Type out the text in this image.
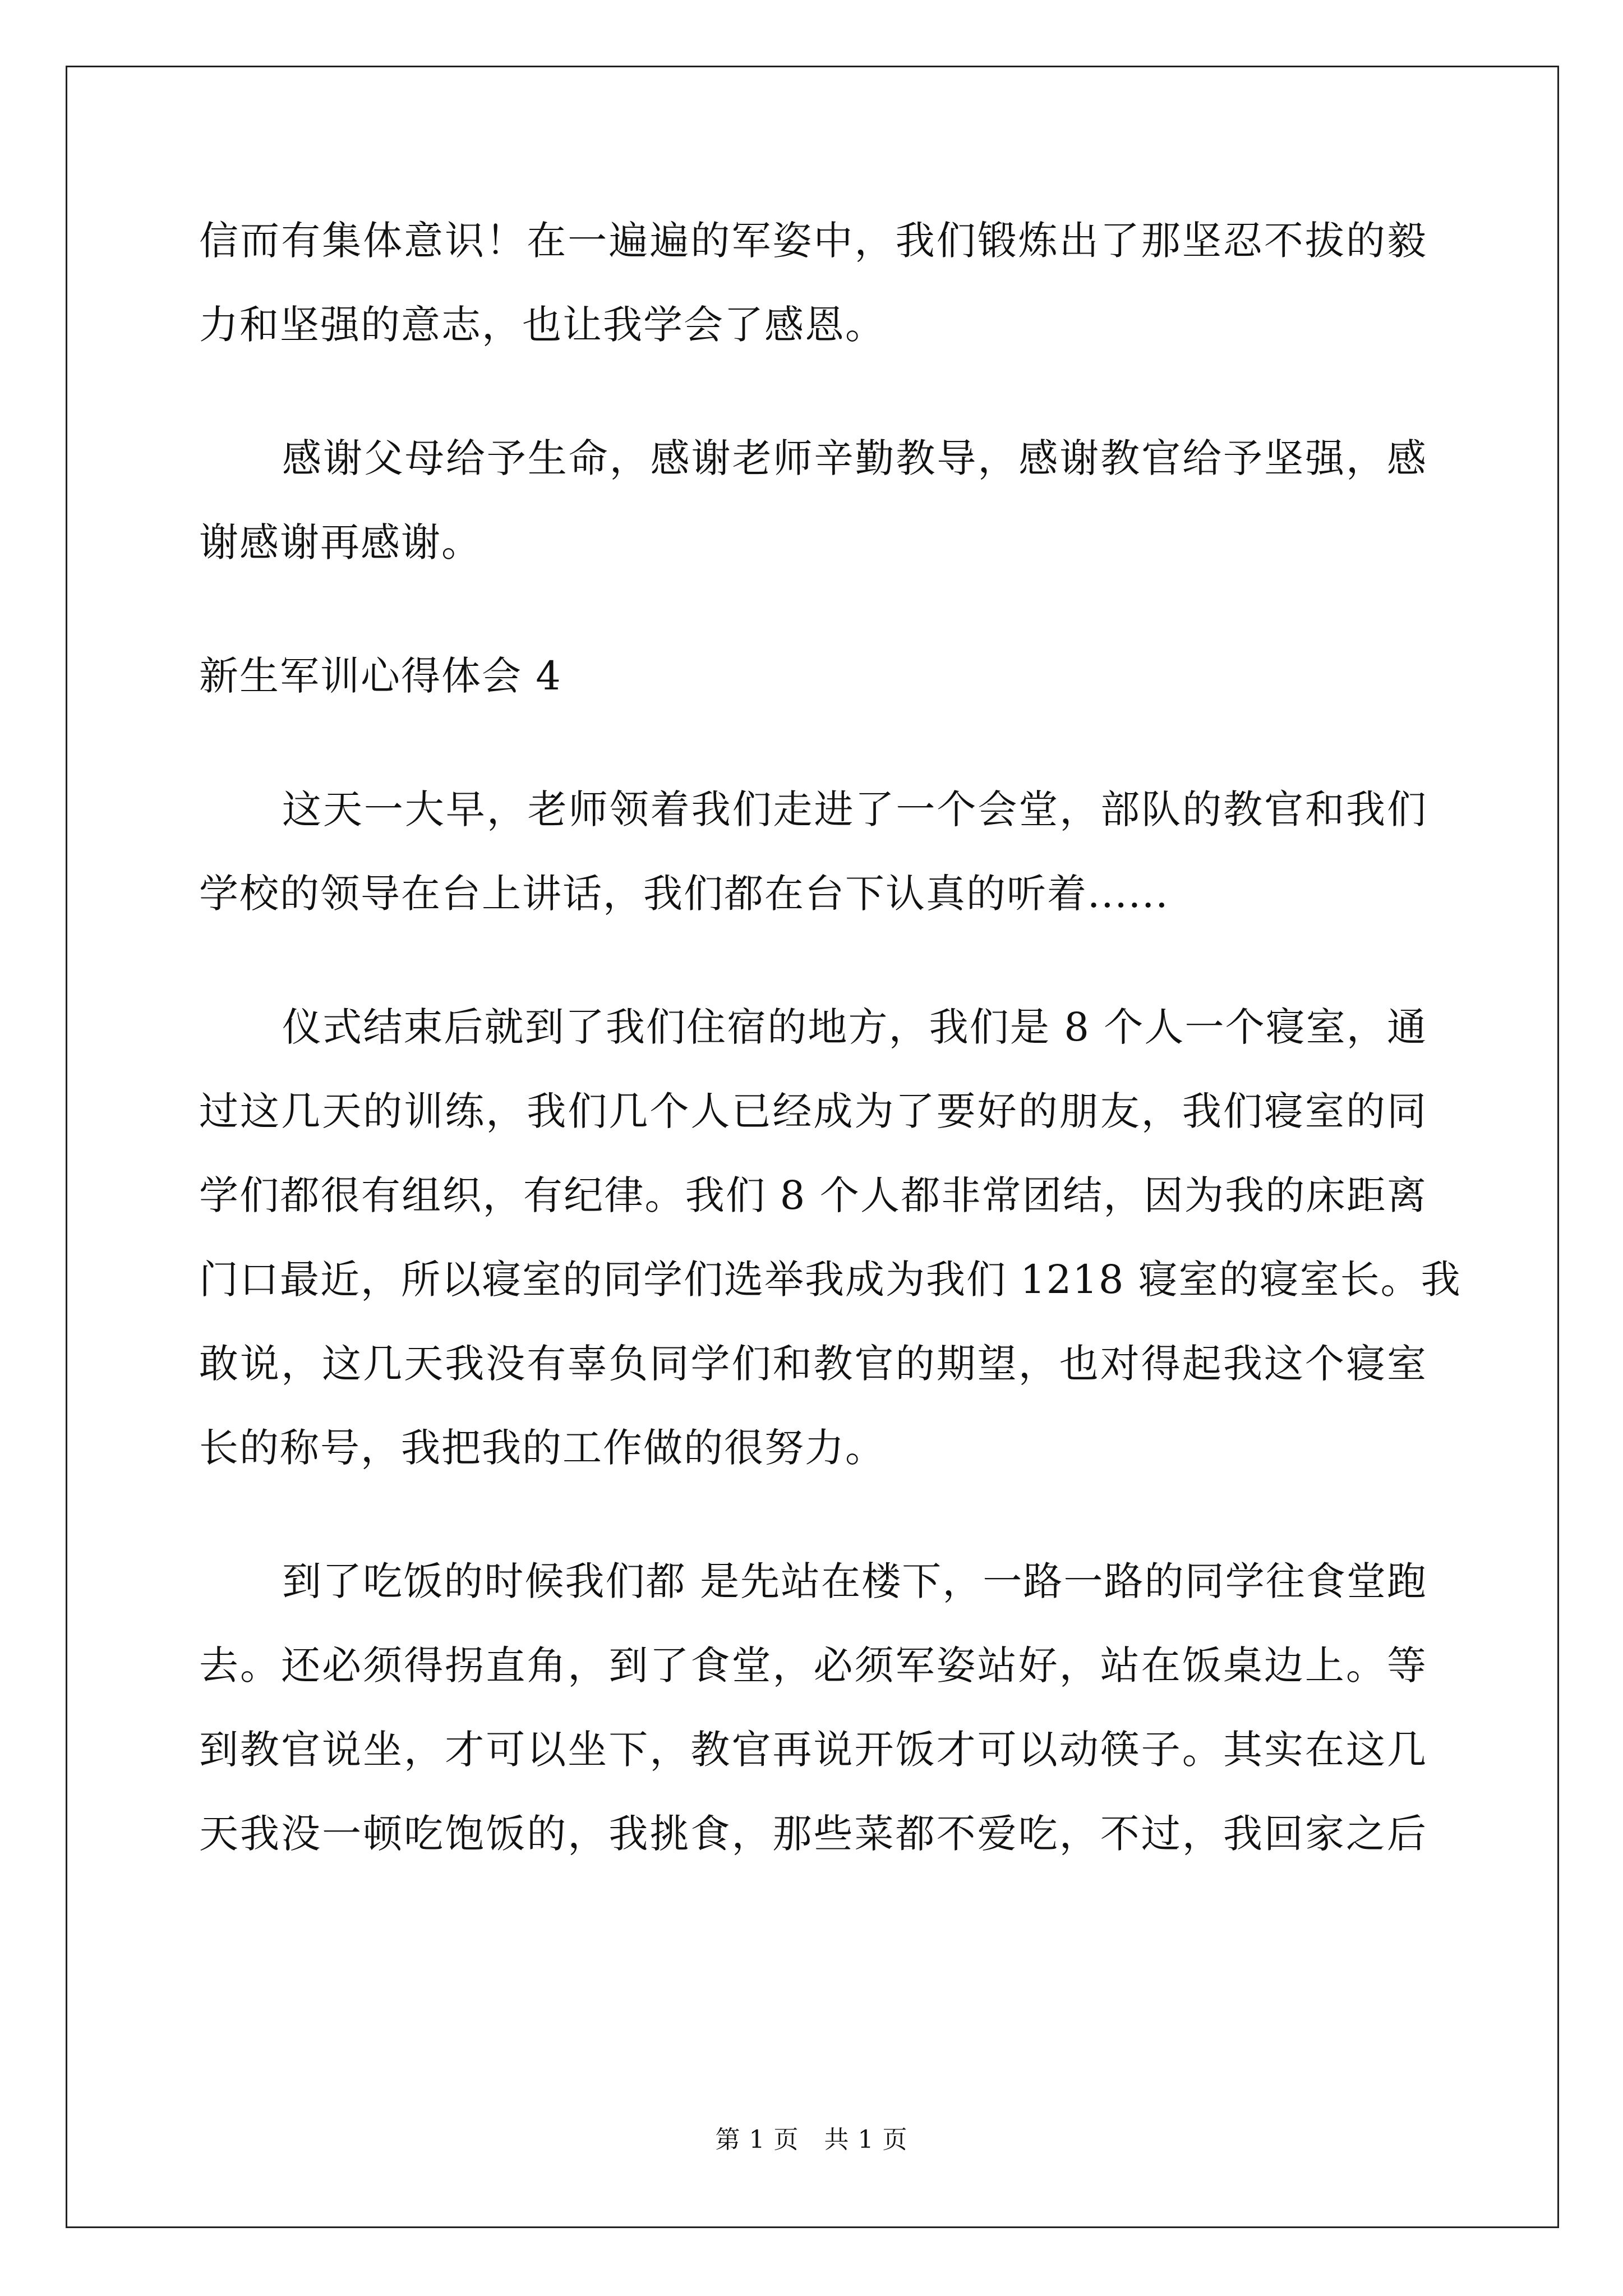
信而有集体意识！在一遍遍的军姿中，我们锻炼出了那坚忍不拔的毅
力和坚强的意志，也让我学会了感恩。
感谢父母给予生命，感谢老师辛勤教导，感谢教官给予坚强，感
谢感谢再感谢。
新生军训心得体会 4
这天一大早，老师领着我们走进了一个会堂，部队的教官和我们
学校的领导在台上讲话，我们都在台下认真的听着......
仪式结束后就到了我们住宿的地方，我们是 8 个人一个寝室，通
过这几天的训练，我们几个人已经成为了要好的朋友，我们寝室的同
学们都很有组织，有纪律。我们 8 个人都非常团结，因为我的床距离
门口最近，所以寝室的同学们选举我成为我们 1218 寝室的寝室长。我
敢说，这几天我没有辜负同学们和教官的期望，也对得起我这个寝室
长的称号，我把我的工作做的很努力。
到了吃饭的时候我们都 是先站在楼下，一路一路的同学往食堂跑
去。还必须得拐直角，到了食堂，必须军姿站好，站在饭桌边上。等
到教官说坐，才可以坐下，教官再说开饭才可以动筷子。其实在这几
天我没一顿吃饱饭的，我挑食，那些菜都不爱吃，不过，我回家之后
第 1 页   共 1 页
